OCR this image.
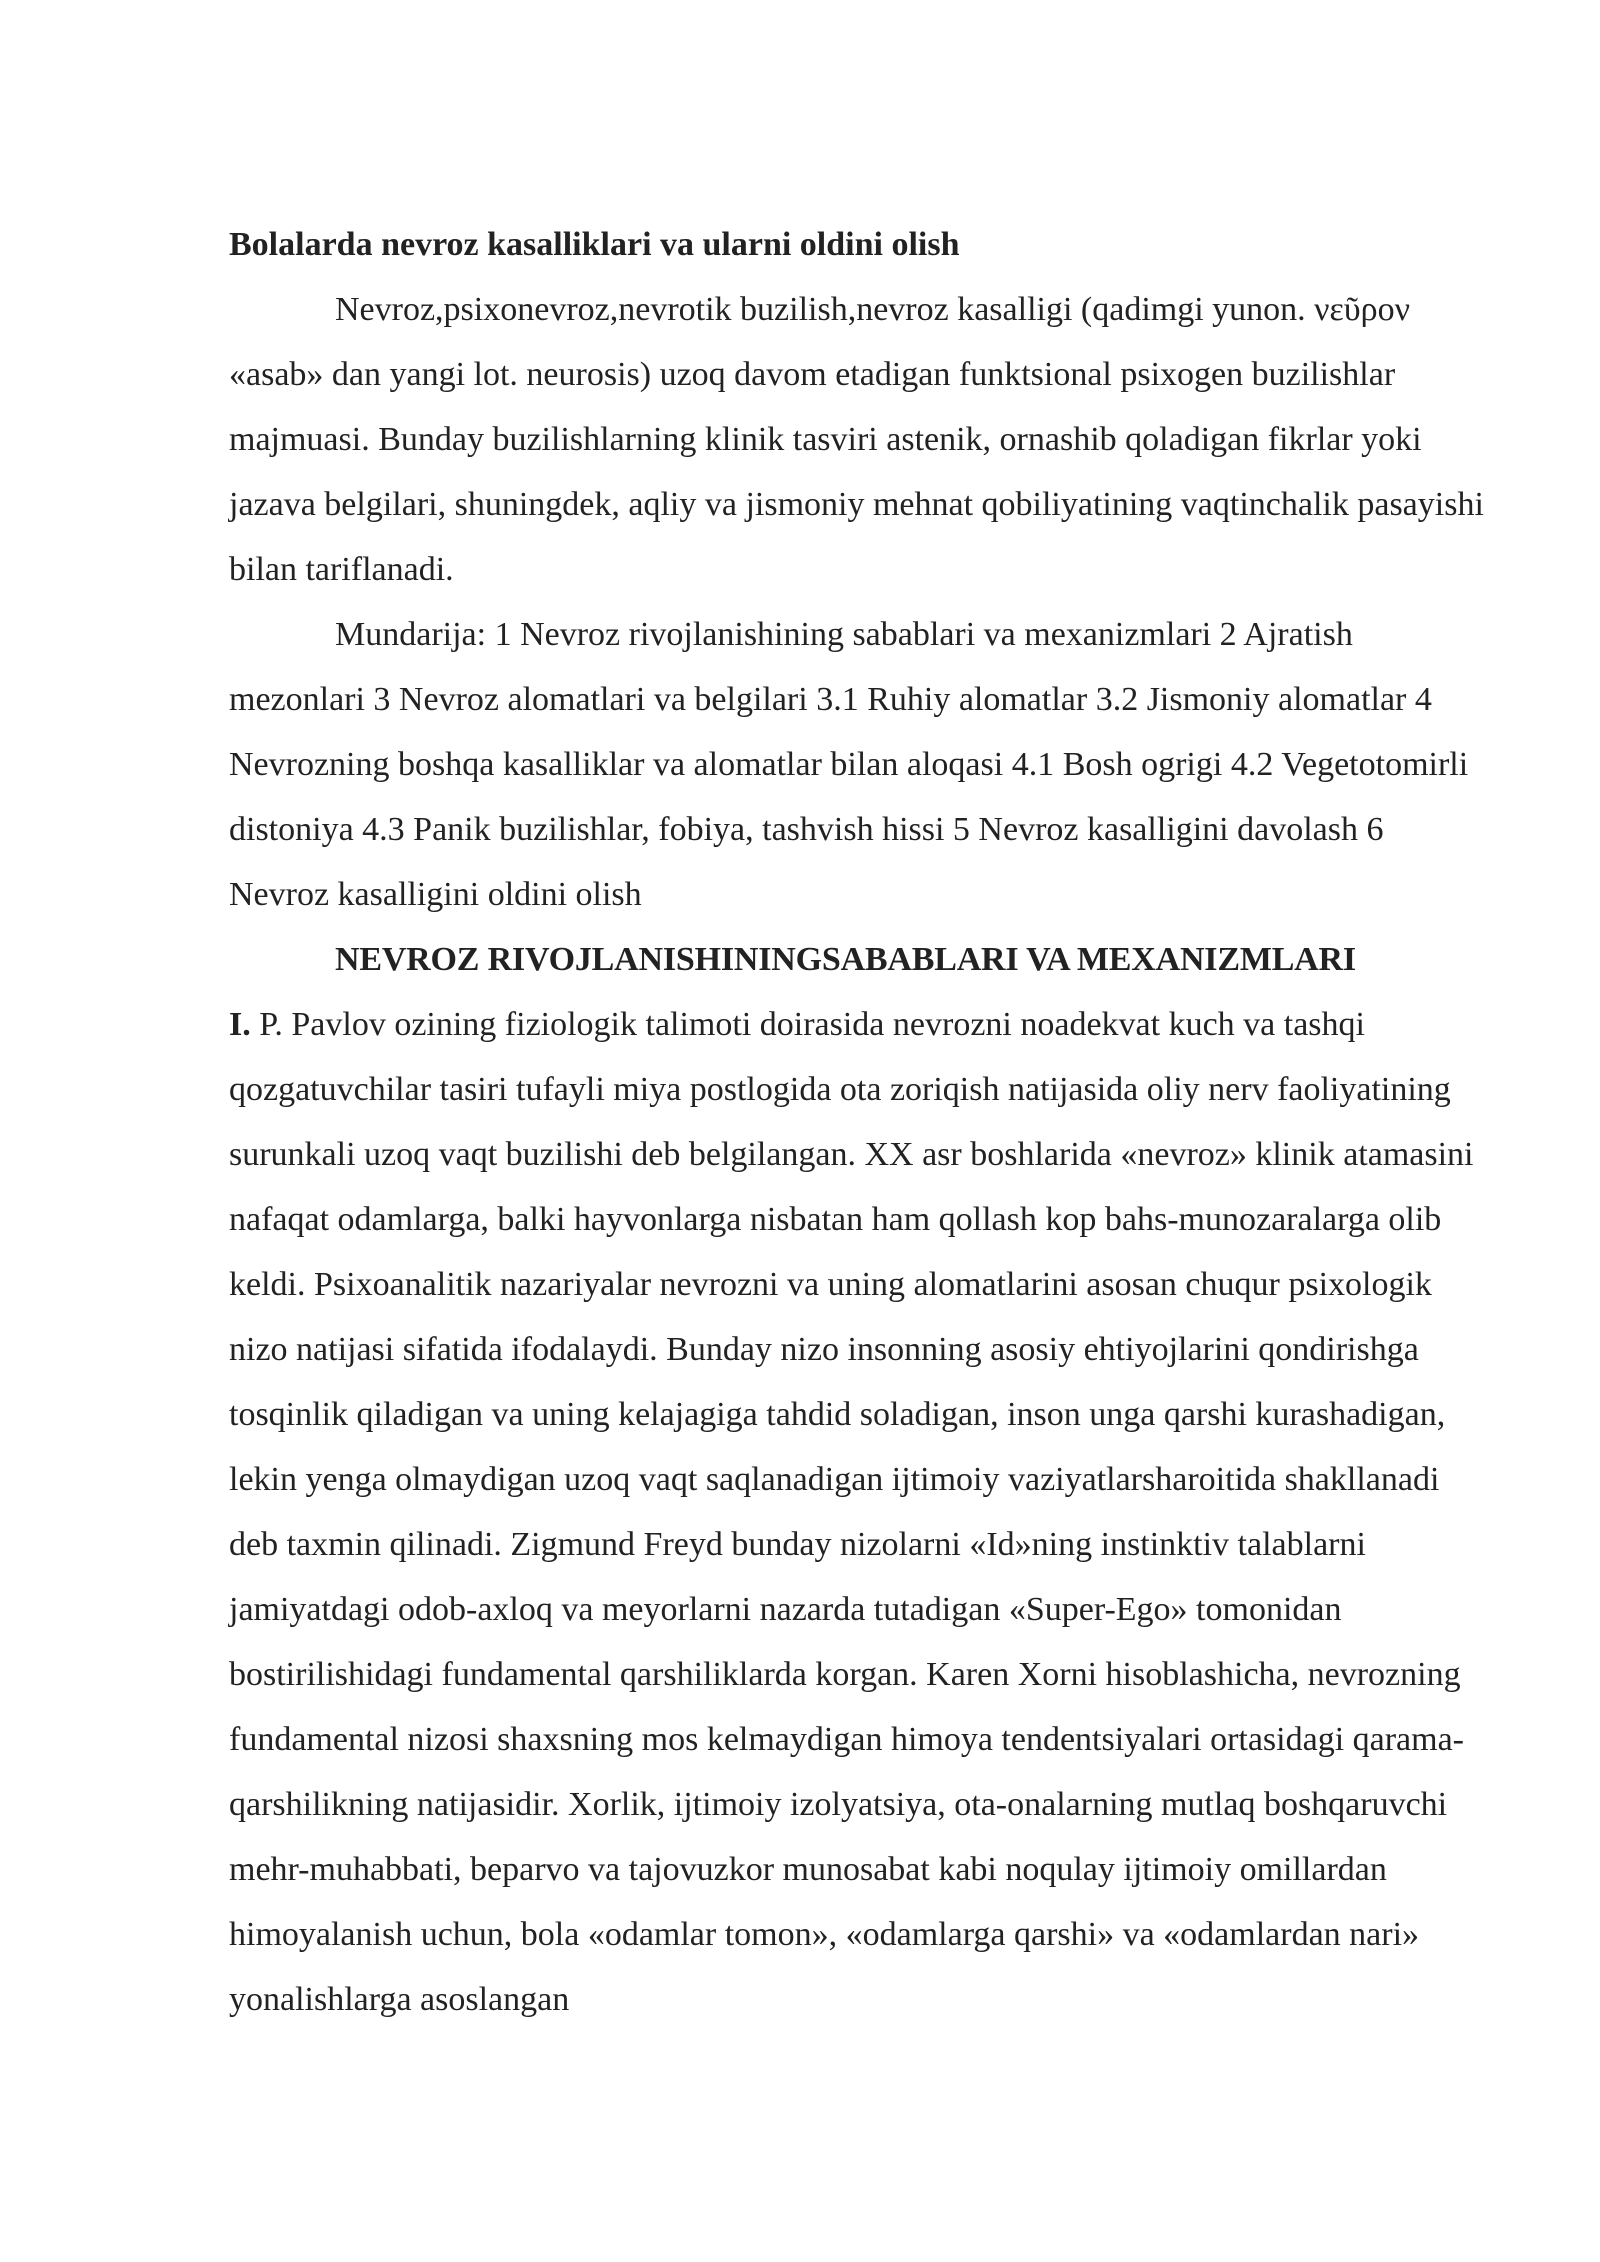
Bolalarda nevroz kasalliklari va ularni oldini olish

Nevroz,psixonevroz,nevrotik buzilish,nevroz kasalligi (qadimgi yunon. νεῦρον «asab» dan yangi lot. neurosis) uzoq davom etadigan funktsional psixogen buzilishlar majmuasi. Bunday buzilishlarning klinik tasviri astenik, ornashib qoladigan fikrlar yoki jazava belgilari, shuningdek, aqliy va jismoniy mehnat qobiliyatining vaqtinchalik pasayishi bilan tariflanadi.

Mundarija: 1 Nevroz rivojlanishining sabablari va mexanizmlari 2 Ajratish mezonlari 3 Nevroz alomatlari va belgilari 3.1 Ruhiy alomatlar 3.2 Jismoniy alomatlar 4 Nevrozning boshqa kasalliklar va alomatlar bilan aloqasi 4.1 Bosh ogrigi 4.2 Vegetotomirli distoniya 4.3 Panik buzilishlar, fobiya, tashvish hissi 5 Nevroz kasalligini davolash 6 Nevroz kasalligini oldini olish

NEVROZ RIVOJLANISHININGSABABLARI VA MEXANIZMLARI

I. P. Pavlov ozining fiziologik talimoti doirasida nevrozni noadekvat kuch va tashqi qozgatuvchilar tasiri tufayli miya postlogida ota zoriqish natijasida oliy nerv faoliyatining surunkali uzoq vaqt buzilishi deb belgilangan. XX asr boshlarida «nevroz» klinik atamasini nafaqat odamlarga, balki hayvonlarga nisbatan ham qollash kop bahs-munozaralarga olib keldi. Psixoanalitik nazariyalar nevrozni va uning alomatlarini asosan chuqur psixologik nizo natijasi sifatida ifodalaydi. Bunday nizo insonning asosiy ehtiyojlarini qondirishga tosqinlik qiladigan va uning kelajagiga tahdid soladigan, inson unga qarshi kurashadigan, lekin yenga olmaydigan uzoq vaqt saqlanadigan ijtimoiy vaziyatlarsharoitida shakllanadi deb taxmin qilinadi. Zigmund Freyd bunday nizolarni «Id»ning instinktiv talablarni jamiyatdagi odob-axloq va meyorlarni nazarda tutadigan «Super-Ego» tomonidan bostirilishidagi fundamental qarshiliklarda korgan. Karen Xorni hisoblashicha, nevrozning fundamental nizosi shaxsning mos kelmaydigan himoya tendentsiyalari ortasidagi qarama-qarshilikning natijasidir. Xorlik, ijtimoiy izolyatsiya, ota-onalarning mutlaq boshqaruvchi mehr-muhabbati, beparvo va tajovuzkor munosabat kabi noqulay ijtimoiy omillardan himoyalanish uchun, bola «odamlar tomon», «odamlarga qarshi» va «odamlardan nari» yonalishlarga asoslangan
